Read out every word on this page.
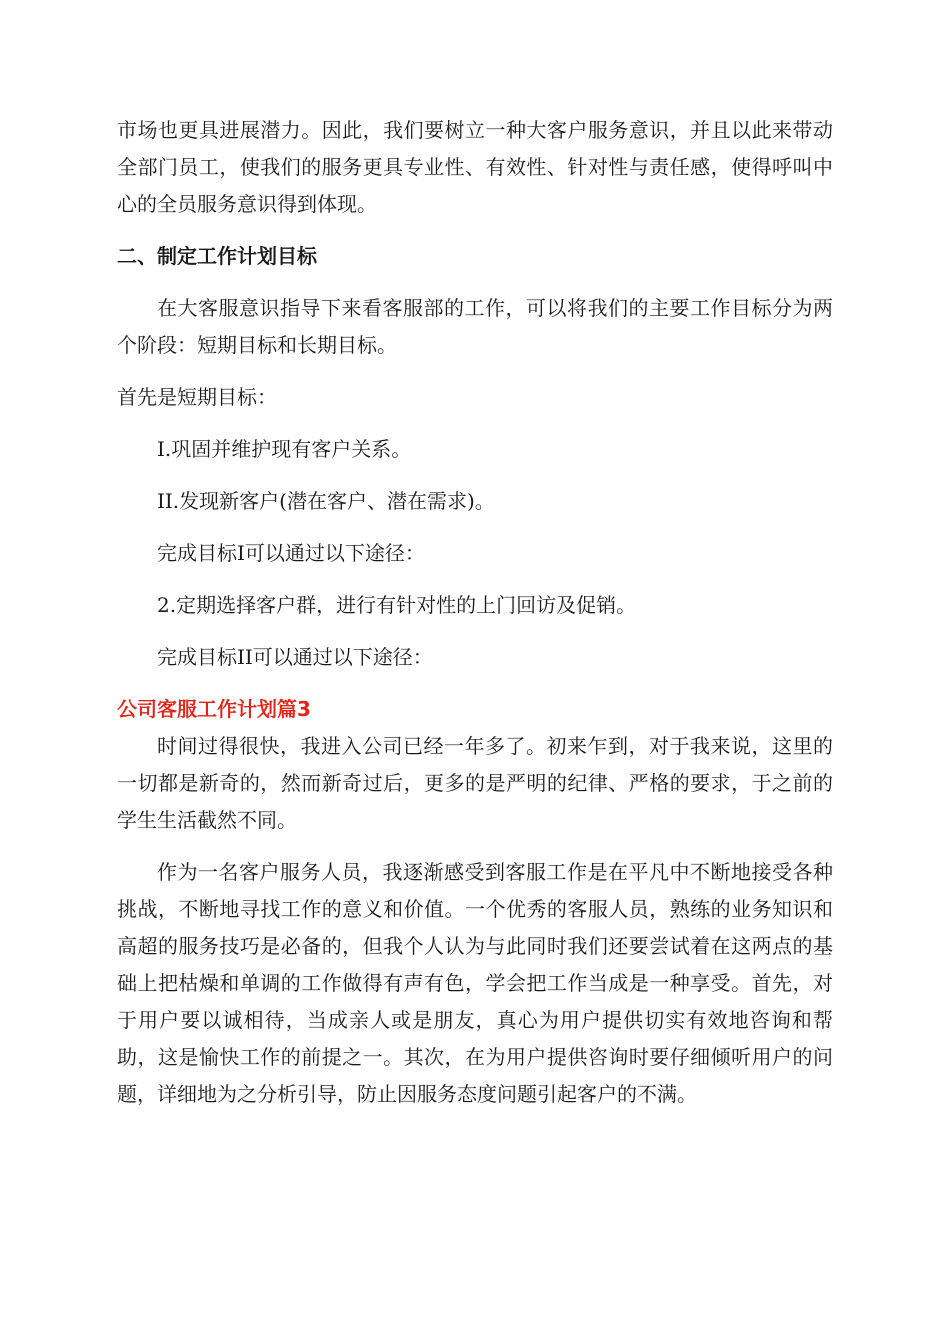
市场也更具进展潜力。因此，我们要树立一种大客户服务意识，并且以此来带动全部门员工，使我们的服务更具专业性、有效性、针对性与责任感，使得呼叫中心的全员服务意识得到体现。

二、制定工作计划目标

在大客服意识指导下来看客服部的工作，可以将我们的主要工作目标分为两个阶段：短期目标和长期目标。

首先是短期目标：

I.巩固并维护现有客户关系。

II.发现新客户(潜在客户、潜在需求)。

完成目标I可以通过以下途径：

2.定期选择客户群，进行有针对性的上门回访及促销。

完成目标II可以通过以下途径：

公司客服工作计划篇3

时间过得很快，我进入公司已经一年多了。初来乍到，对于我来说，这里的一切都是新奇的，然而新奇过后，更多的是严明的纪律、严格的要求，于之前的学生生活截然不同。

作为一名客户服务人员，我逐渐感受到客服工作是在平凡中不断地接受各种挑战，不断地寻找工作的意义和价值。一个优秀的客服人员，熟练的业务知识和高超的服务技巧是必备的，但我个人认为与此同时我们还要尝试着在这两点的基础上把枯燥和单调的工作做得有声有色，学会把工作当成是一种享受。首先，对于用户要以诚相待，当成亲人或是朋友，真心为用户提供切实有效地咨询和帮助，这是愉快工作的前提之一。其次，在为用户提供咨询时要仔细倾听用户的问题，详细地为之分析引导，防止因服务态度问题引起客户的不满。
